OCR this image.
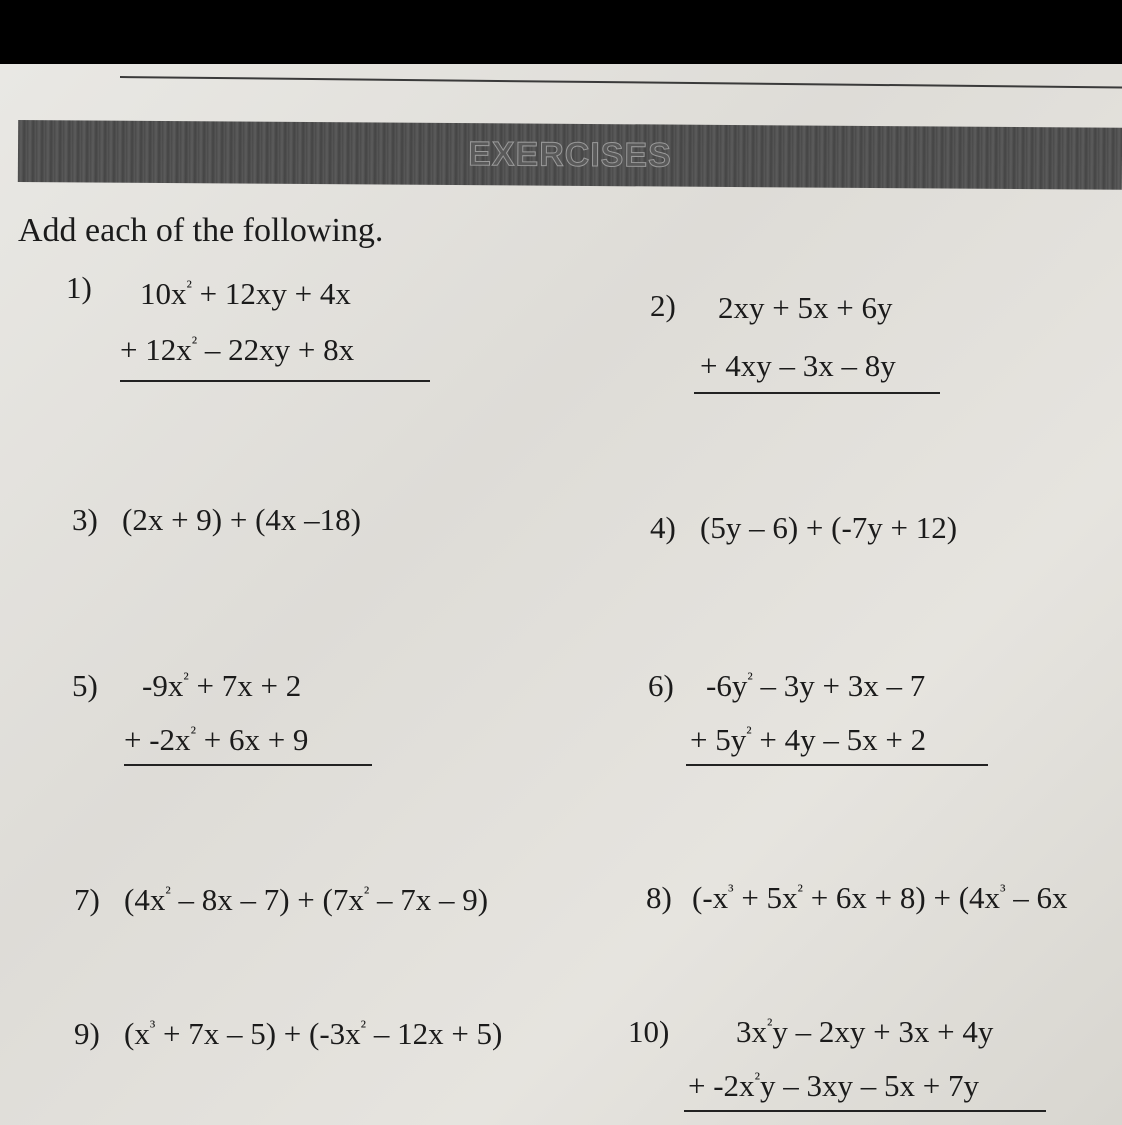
EXERCISES
Add each of the following.
1) $10x^{^2} + 12xy + 4x$
+ $12x^{^2} - 22xy + 8x$
2) 2xy + 5x + 6y
+ 4xy – 3x – 8y
3) (2x + 9) + (4x –18)	4) (5y – 6) + (-7y + 12)
5) $-9x^{^2} + 7x + 2$
+ $-2x^{^2} + 6x + 9$
6) $-6y^{^2} - 3y + 3x - 7$
+ $5y^{^2} + 4y - 5x + 2$
7) $(4x^{^2} - 8x - 7) + (7x^{^2} - 7x - 9)$	8) $(-x^{^3} + 5x^{^2} + 6x + 8) + (4x^{^3} - 6x$
9) $(x^{^3} + 7x - 5) + (-3x^{^2} - 12x + 5)$	10) $3x^{^2}y - 2xy + 3x + 4y$
+ $-2x^{^2}y - 3xy - 5x + 7y$
